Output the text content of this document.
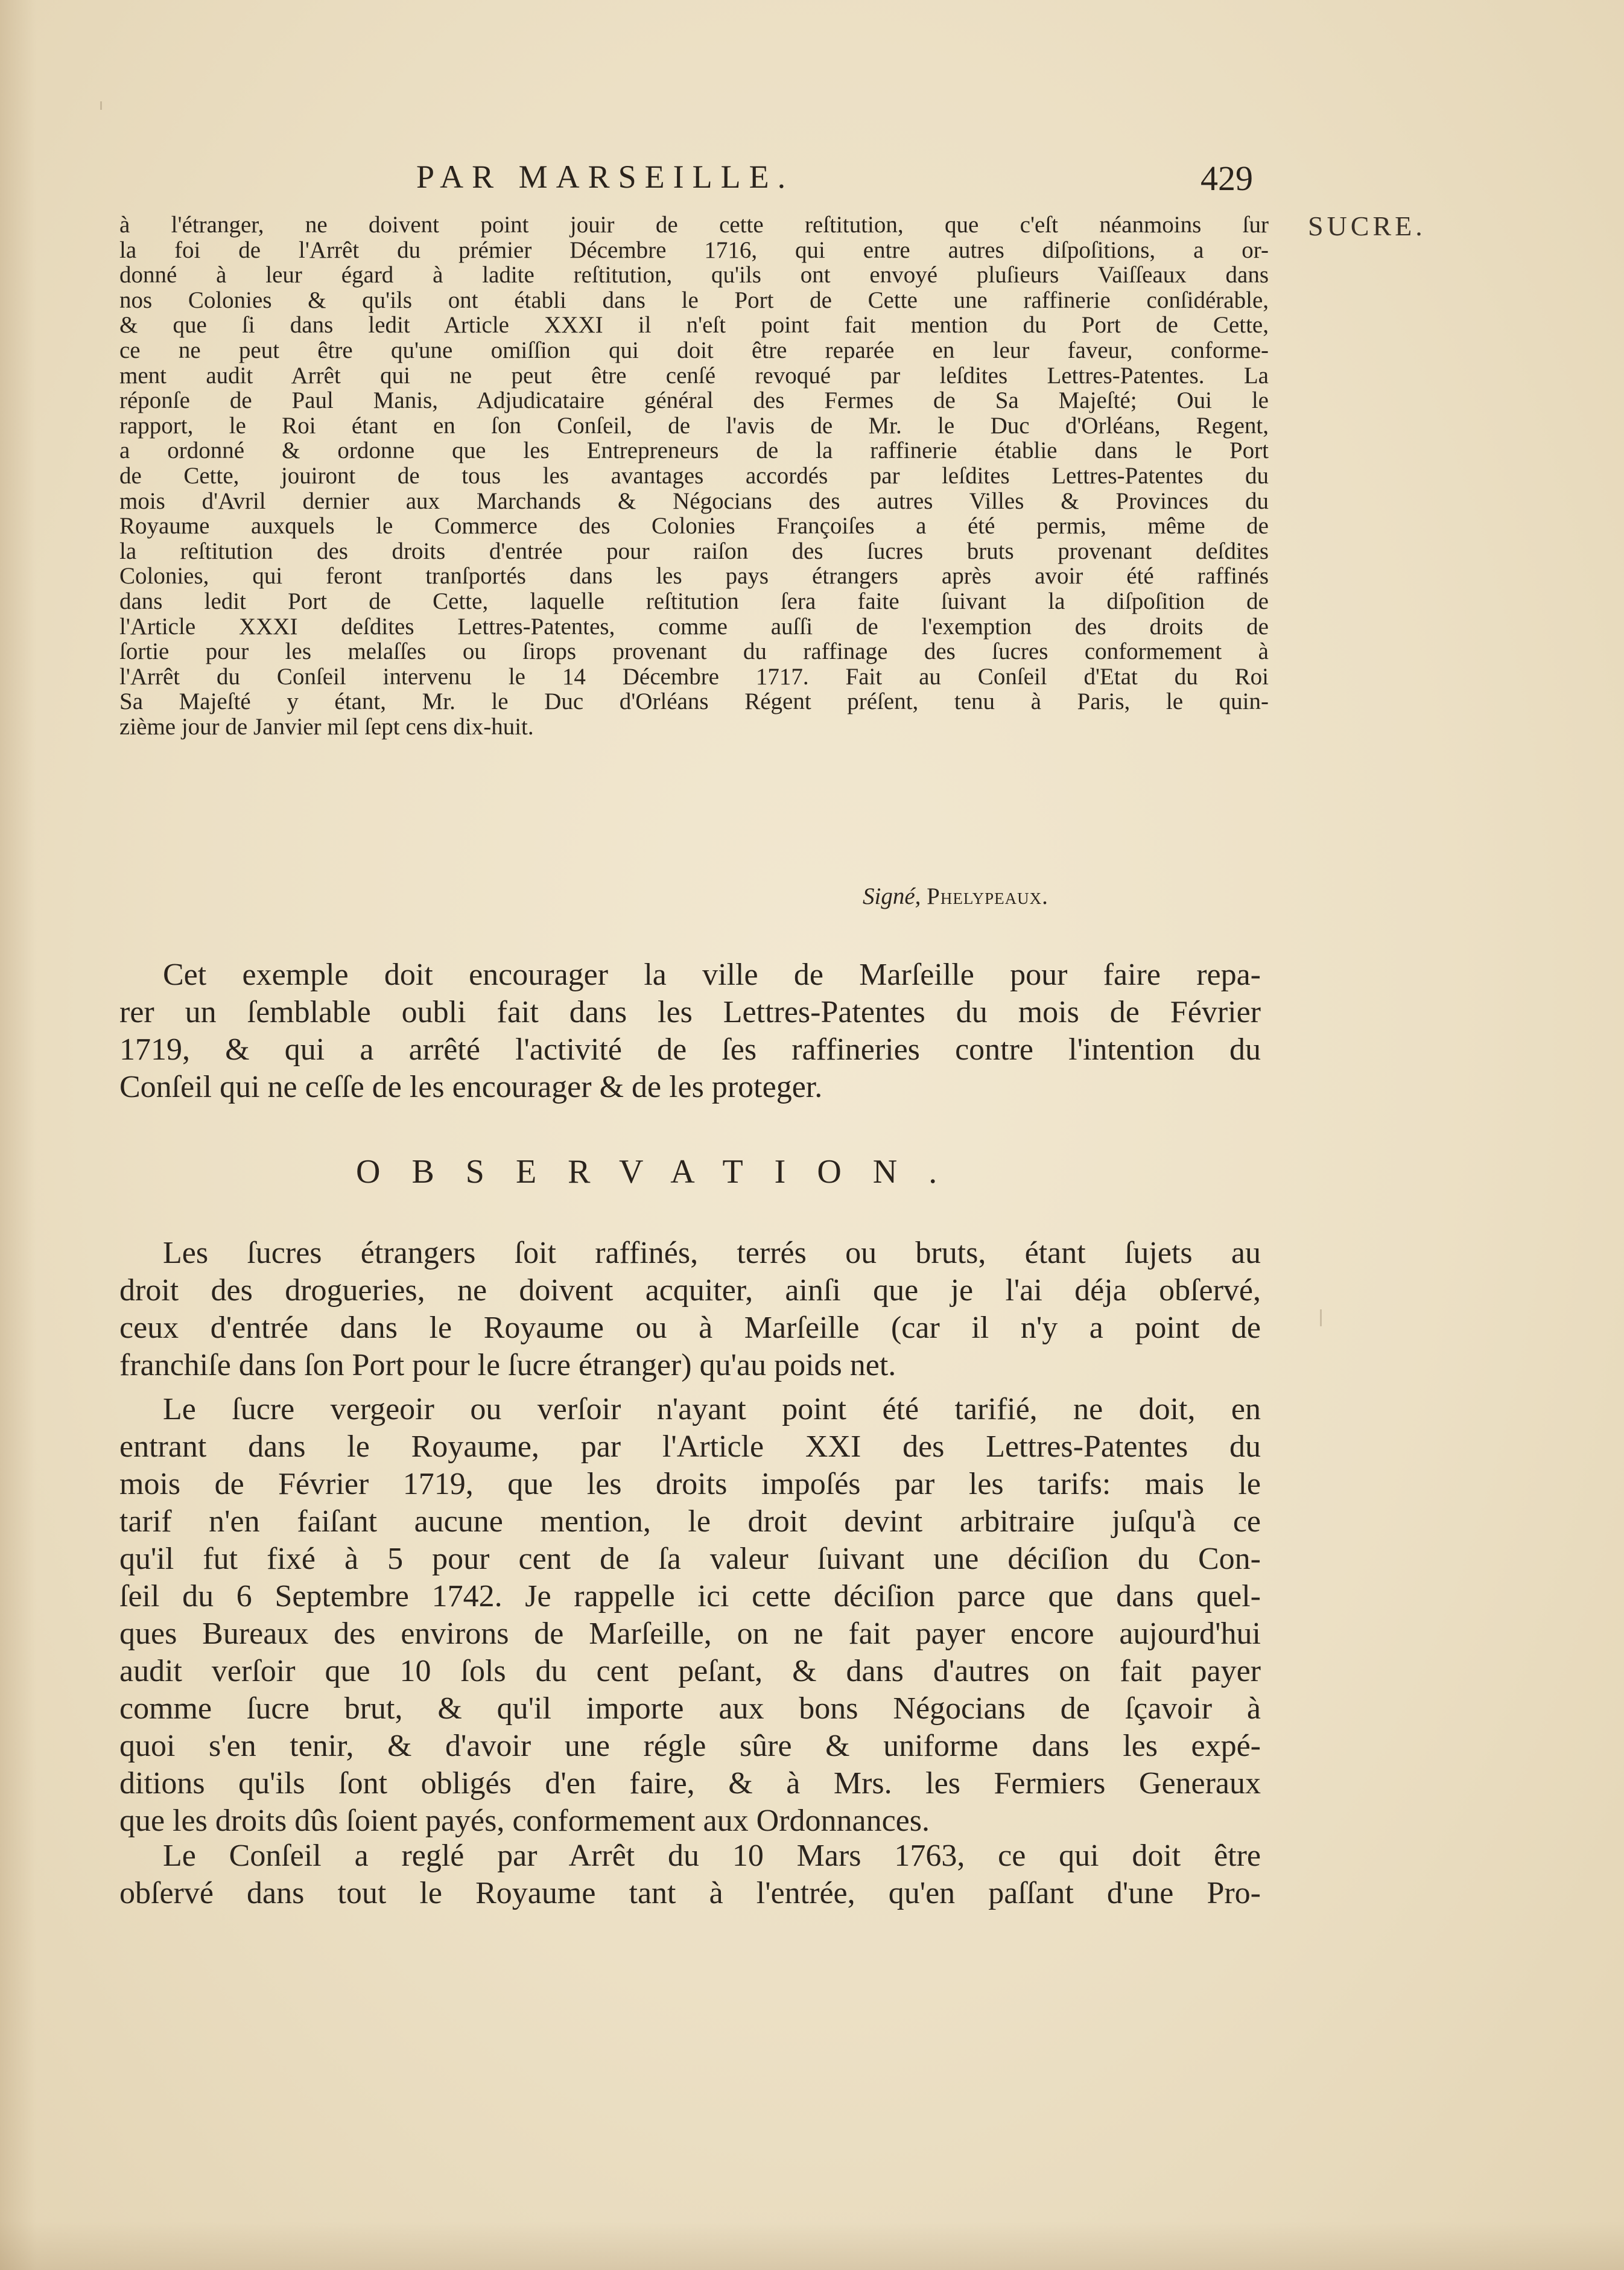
PAR MARSEILLE.	429
SUCRE.
à l'étranger, ne doivent point jouir de cette reſtitution, que c'eſt néanmoins ſur
la foi de l'Arrêt du prémier Décembre 1716, qui entre autres diſpoſitions, a or-
donné à leur égard à ladite reſtitution, qu'ils ont envoyé pluſieurs Vaiſſeaux dans
nos Colonies & qu'ils ont établi dans le Port de Cette une raffinerie conſidérable,
& que ſi dans ledit Article XXXI il n'eſt point fait mention du Port de Cette,
ce ne peut être qu'une omiſſion qui doit être reparée en leur faveur, conforme-
ment audit Arrêt qui ne peut être cenſé revoqué par leſdites Lettres-Patentes. La
réponſe de Paul Manis, Adjudicataire général des Fermes de Sa Majeſté; Oui le
rapport, le Roi étant en ſon Conſeil, de l'avis de Mr. le Duc d'Orléans, Regent,
a ordonné & ordonne que les Entrepreneurs de la raffinerie établie dans le Port
de Cette, jouiront de tous les avantages accordés par leſdites Lettres-Patentes du
mois d'Avril dernier aux Marchands & Négocians des autres Villes & Provinces du
Royaume auxquels le Commerce des Colonies Françoiſes a été permis, même de
la reſtitution des droits d'entrée pour raiſon des ſucres bruts provenant deſdites
Colonies, qui feront tranſportés dans les pays étrangers après avoir été raffinés
dans ledit Port de Cette, laquelle reſtitution ſera faite ſuivant la diſpoſition de
l'Article XXXI deſdites Lettres-Patentes, comme auſſi de l'exemption des droits de
ſortie pour les melaſſes ou ſirops provenant du raffinage des ſucres conformement à
l'Arrêt du Conſeil intervenu le 14 Décembre 1717. Fait au Conſeil d'Etat du Roi
Sa Majeſté y étant, Mr. le Duc d'Orléans Régent préſent, tenu à Paris, le quin-
zième jour de Janvier mil ſept cens dix-huit.
Signé, Phelypeaux.
Cet exemple doit encourager la ville de Marſeille pour faire repa-
rer un ſemblable oubli fait dans les Lettres-Patentes du mois de Février
1719, & qui a arrêté l'activité de ſes raffineries contre l'intention du
Conſeil qui ne ceſſe de les encourager & de les proteger.
OBSERVATION.
Les ſucres étrangers ſoit raffinés, terrés ou bruts, étant ſujets au
droit des drogueries, ne doivent acquiter, ainſi que je l'ai déja obſervé,
ceux d'entrée dans le Royaume ou à Marſeille (car il n'y a point de
franchiſe dans ſon Port pour le ſucre étranger) qu'au poids net.
Le ſucre vergeoir ou verſoir n'ayant point été tarifié, ne doit, en
entrant dans le Royaume, par l'Article XXI des Lettres-Patentes du
mois de Février 1719, que les droits impoſés par les tarifs: mais le
tarif n'en faiſant aucune mention, le droit devint arbitraire juſqu'à ce
qu'il fut fixé à 5 pour cent de ſa valeur ſuivant une déciſion du Con-
ſeil du 6 Septembre 1742. Je rappelle ici cette déciſion parce que dans quel-
ques Bureaux des environs de Marſeille, on ne fait payer encore aujourd'hui
audit verſoir que 10 ſols du cent peſant, & dans d'autres on fait payer
comme ſucre brut, & qu'il importe aux bons Négocians de ſçavoir à
quoi s'en tenir, & d'avoir une régle sûre & uniforme dans les expé-
ditions qu'ils ſont obligés d'en faire, & à Mrs. les Fermiers Generaux
que les droits dûs ſoient payés, conformement aux Ordonnances.
Le Conſeil a reglé par Arrêt du 10 Mars 1763, ce qui doit être
obſervé dans tout le Royaume tant à l'entrée, qu'en paſſant d'une Pro-
